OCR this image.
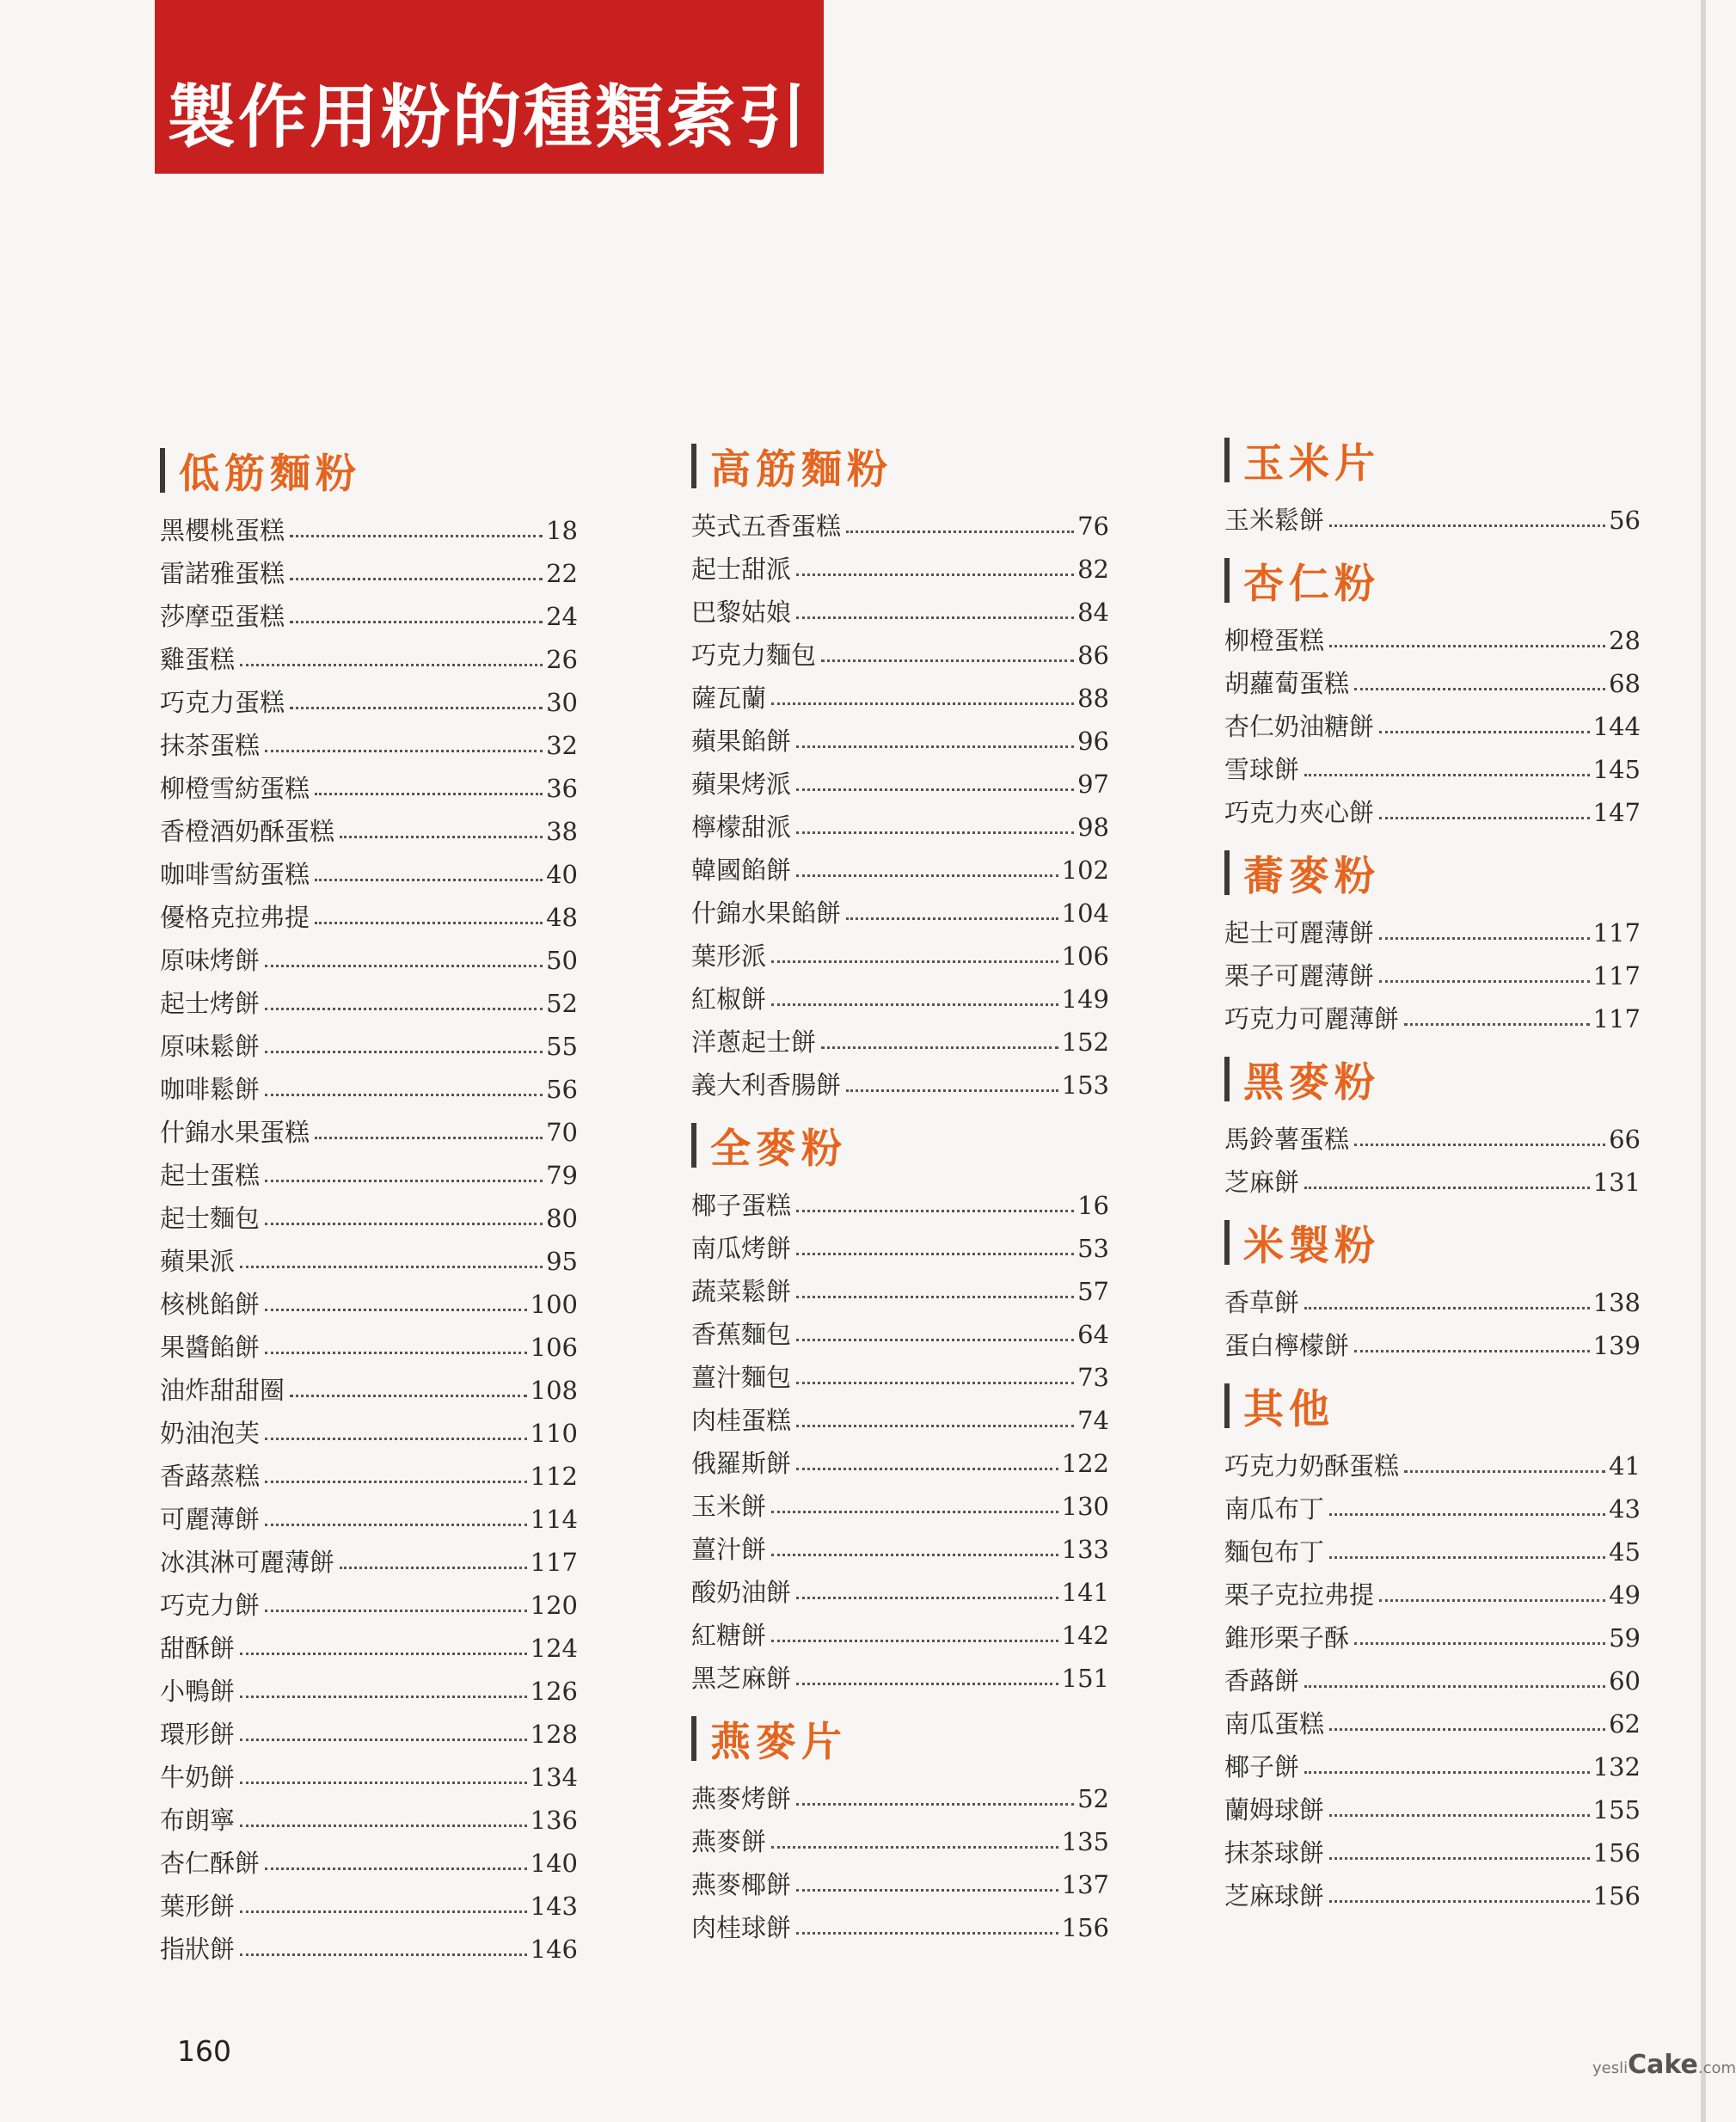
製作用粉的種類索引
低筋麵粉
黑櫻桃蛋糕	18
雷諾雅蛋糕	22
莎摩亞蛋糕	24
雞蛋糕	26
巧克力蛋糕	30
抹茶蛋糕	32
柳橙雪紡蛋糕	36
香橙酒奶酥蛋糕	38
咖啡雪紡蛋糕	40
優格克拉弗提	48
原味烤餅	50
起士烤餅	52
原味鬆餅	55
咖啡鬆餅	56
什錦水果蛋糕	70
起士蛋糕	79
起士麵包	80
蘋果派	95
核桃餡餅	100
果醬餡餅	106
油炸甜甜圈	108
奶油泡芙	110
香蕗蒸糕	112
可麗薄餅	114
冰淇淋可麗薄餅	117
巧克力餅	120
甜酥餅	124
小鴨餅	126
環形餅	128
牛奶餅	134
布朗寧	136
杏仁酥餅	140
葉形餅	143
指狀餅	146
高筋麵粉
英式五香蛋糕	76
起士甜派	82
巴黎姑娘	84
巧克力麵包	86
薩瓦蘭	88
蘋果餡餅	96
蘋果烤派	97
檸檬甜派	98
韓國餡餅	102
什錦水果餡餅	104
葉形派	106
紅椒餅	149
洋蔥起士餅	152
義大利香腸餅	153
全麥粉
椰子蛋糕	16
南瓜烤餅	53
蔬菜鬆餅	57
香蕉麵包	64
薑汁麵包	73
肉桂蛋糕	74
俄羅斯餅	122
玉米餅	130
薑汁餅	133
酸奶油餅	141
紅糖餅	142
黑芝麻餅	151
燕麥片
燕麥烤餅	52
燕麥餅	135
燕麥椰餅	137
肉桂球餅	156
玉米片
玉米鬆餅	56
杏仁粉
柳橙蛋糕	28
胡蘿蔔蛋糕	68
杏仁奶油糖餅	144
雪球餅	145
巧克力夾心餅	147
蕎麥粉
起士可麗薄餅	117
栗子可麗薄餅	117
巧克力可麗薄餅	117
黑麥粉
馬鈴薯蛋糕	66
芝麻餅	131
米製粉
香草餅	138
蛋白檸檬餅	139
其他
巧克力奶酥蛋糕	41
南瓜布丁	43
麵包布丁	45
栗子克拉弗提	49
錐形栗子酥	59
香蕗餅	60
南瓜蛋糕	62
椰子餅	132
蘭姆球餅	155
抹茶球餅	156
芝麻球餅	156
160
yesliCake.com
